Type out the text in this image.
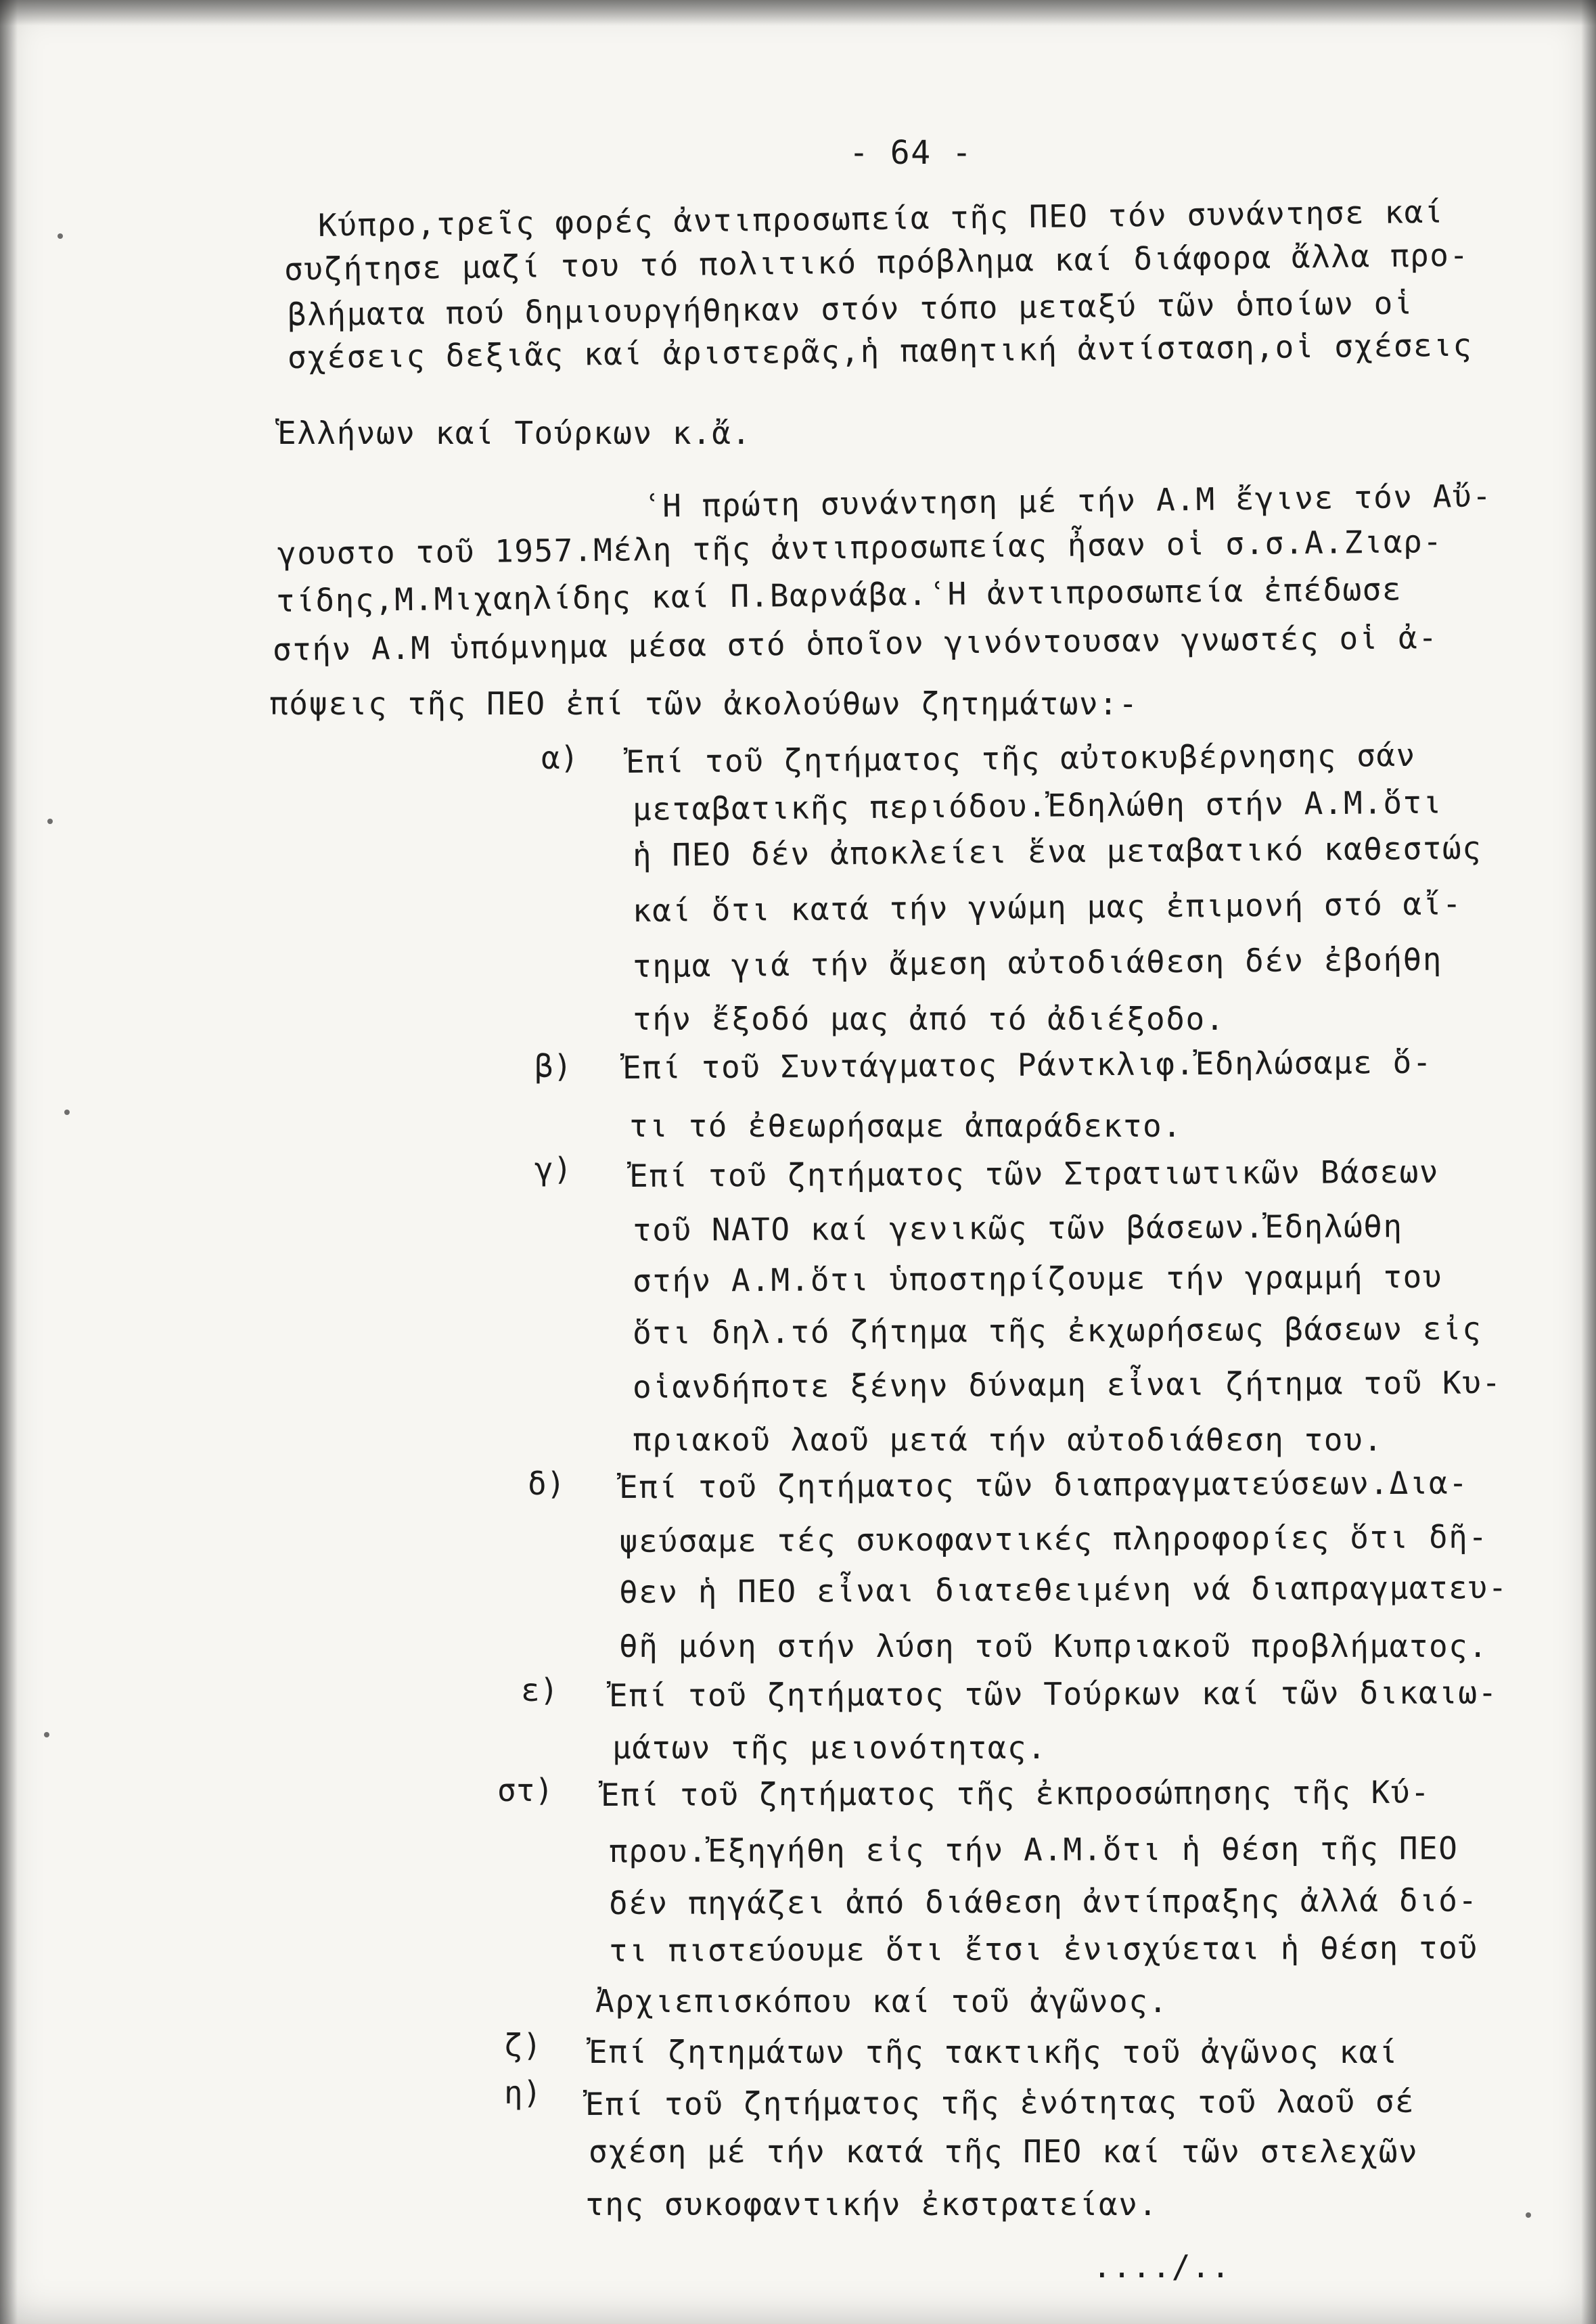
- 64 -
Κύπρο,τρεῖς φορές ἀντιπροσωπεία τῆς ΠΕΟ τόν συνάντησε καί
συζήτησε μαζί του τό πολιτικό πρόβλημα καί διάφορα ἄλλα προ-
βλήματα πού δημιουργήθηκαν στόν τόπο μεταξύ τῶν ὁποίων οἱ
σχέσεις δεξιᾶς καί ἀριστερᾶς,ἡ παθητική ἀντίσταση,οἱ σχέσεις
Ἑλλήνων καί Τούρκων κ.ἄ.
ʿΗ πρώτη συνάντηση μέ τήν Α.Μ ἔγινε τόν Αὔ-
γουστο τοῦ 1957.Μέλη τῆς ἀντιπροσωπείας ἦσαν οἱ σ.σ.Α.Ζιαρ-
τίδης,Μ.Μιχαηλίδης καί Π.Βαρνάβα.ʿΗ ἀντιπροσωπεία ἐπέδωσε
στήν Α.Μ ὑπόμνημα μέσα στό ὁποῖον γινόντουσαν γνωστές οἱ ἀ-
πόψεις τῆς ΠΕΟ ἐπί τῶν ἀκολούθων ζητημάτων:-
α) Ἐπί τοῦ ζητήματος τῆς αὐτοκυβέρνησης σάν
μεταβατικῆς περιόδου.Ἐδηλώθη στήν Α.Μ.ὅτι
ἡ ΠΕΟ δέν ἀποκλείει ἕνα μεταβατικό καθεστώς
καί ὅτι κατά τήν γνώμη μας ἐπιμονή στό αἴ-
τημα γιά τήν ἄμεση αὐτοδιάθεση δέν ἐβοήθη
τήν ἔξοδό μας ἀπό τό ἀδιέξοδο.
β) Ἐπί τοῦ Συντάγματος Ράντκλιφ.Ἐδηλώσαμε ὅ-
τι τό ἐθεωρήσαμε ἀπαράδεκτο.
γ) Ἐπί τοῦ ζητήματος τῶν Στρατιωτικῶν Βάσεων
τοῦ ΝΑΤΟ καί γενικῶς τῶν βάσεων.Ἐδηλώθη
στήν Α.Μ.ὅτι ὑποστηρίζουμε τήν γραμμή του
ὅτι δηλ.τό ζήτημα τῆς ἐκχωρήσεως βάσεων εἰς
οἱανδήποτε ξένην δύναμη εἶναι ζήτημα τοῦ Κυ-
πριακοῦ λαοῦ μετά τήν αὐτοδιάθεση του.
δ) Ἐπί τοῦ ζητήματος τῶν διαπραγματεύσεων.Δια-
ψεύσαμε τές συκοφαντικές πληροφορίες ὅτι δῆ-
θεν ἡ ΠΕΟ εἶναι διατεθειμένη νά διαπραγματευ-
θῆ μόνη στήν λύση τοῦ Κυπριακοῦ προβλήματος.
ε) Ἐπί τοῦ ζητήματος τῶν Τούρκων καί τῶν δικαιω-
μάτων τῆς μειονότητας.
στ) Ἐπί τοῦ ζητήματος τῆς ἐκπροσώπησης τῆς Κύ-
πρου.Ἐξηγήθη εἰς τήν Α.Μ.ὅτι ἡ θέση τῆς ΠΕΟ
δέν πηγάζει ἀπό διάθεση ἀντίπραξης ἀλλά διό-
τι πιστεύουμε ὅτι ἔτσι ἐνισχύεται ἡ θέση τοῦ
Ἀρχιεπισκόπου καί τοῦ ἀγῶνος.
ζ) Ἐπί ζητημάτων τῆς τακτικῆς τοῦ ἀγῶνος καί
η) Ἐπί τοῦ ζητήματος τῆς ἑνότητας τοῦ λαοῦ σέ
σχέση μέ τήν κατά τῆς ΠΕΟ καί τῶν στελεχῶν
της συκοφαντικήν ἐκστρατείαν.
..../..
